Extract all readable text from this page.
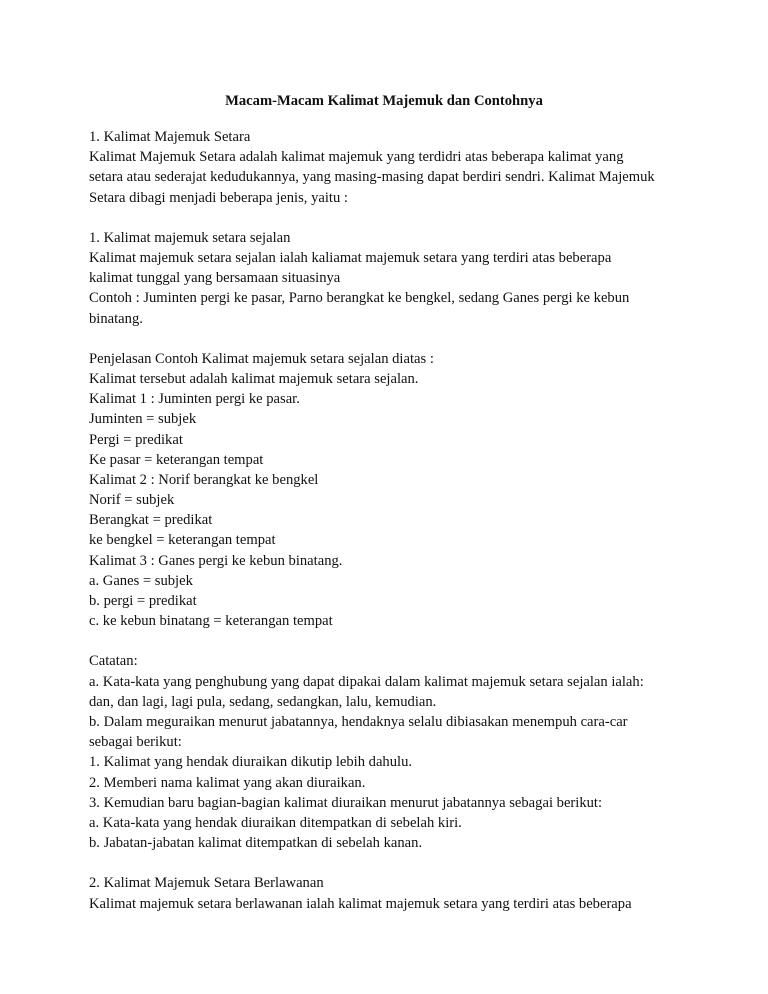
Macam-Macam Kalimat Majemuk dan Contohnya
1. Kalimat Majemuk Setara
Kalimat Majemuk Setara adalah kalimat majemuk yang terdidri atas beberapa kalimat yang
setara atau sederajat kedudukannya, yang masing-masing dapat berdiri sendri. Kalimat Majemuk
Setara dibagi menjadi beberapa jenis, yaitu :
1. Kalimat majemuk setara sejalan
Kalimat majemuk setara sejalan ialah kaliamat majemuk setara yang terdiri atas beberapa
kalimat tunggal yang bersamaan situasinya
Contoh : Juminten pergi ke pasar, Parno berangkat ke bengkel, sedang Ganes pergi ke kebun
binatang.
Penjelasan Contoh Kalimat majemuk setara sejalan diatas :
Kalimat tersebut adalah kalimat majemuk setara sejalan.
Kalimat 1 : Juminten pergi ke pasar.
Juminten = subjek
Pergi = predikat
Ke pasar = keterangan tempat
Kalimat 2 : Norif berangkat ke bengkel
Norif = subjek
Berangkat = predikat
ke bengkel = keterangan tempat
Kalimat 3 : Ganes pergi ke kebun binatang.
a. Ganes = subjek
b. pergi = predikat
c. ke kebun binatang = keterangan tempat
Catatan:
a. Kata-kata yang penghubung yang dapat dipakai dalam kalimat majemuk setara sejalan ialah:
dan, dan lagi, lagi pula, sedang, sedangkan, lalu, kemudian.
b. Dalam meguraikan menurut jabatannya, hendaknya selalu dibiasakan menempuh cara-car
sebagai berikut:
1. Kalimat yang hendak diuraikan dikutip lebih dahulu.
2. Memberi nama kalimat yang akan diuraikan.
3. Kemudian baru bagian-bagian kalimat diuraikan menurut jabatannya sebagai berikut:
a. Kata-kata yang hendak diuraikan ditempatkan di sebelah kiri.
b. Jabatan-jabatan kalimat ditempatkan di sebelah kanan.
2. Kalimat Majemuk Setara Berlawanan
Kalimat majemuk setara berlawanan ialah kalimat majemuk setara yang terdiri atas beberapa
